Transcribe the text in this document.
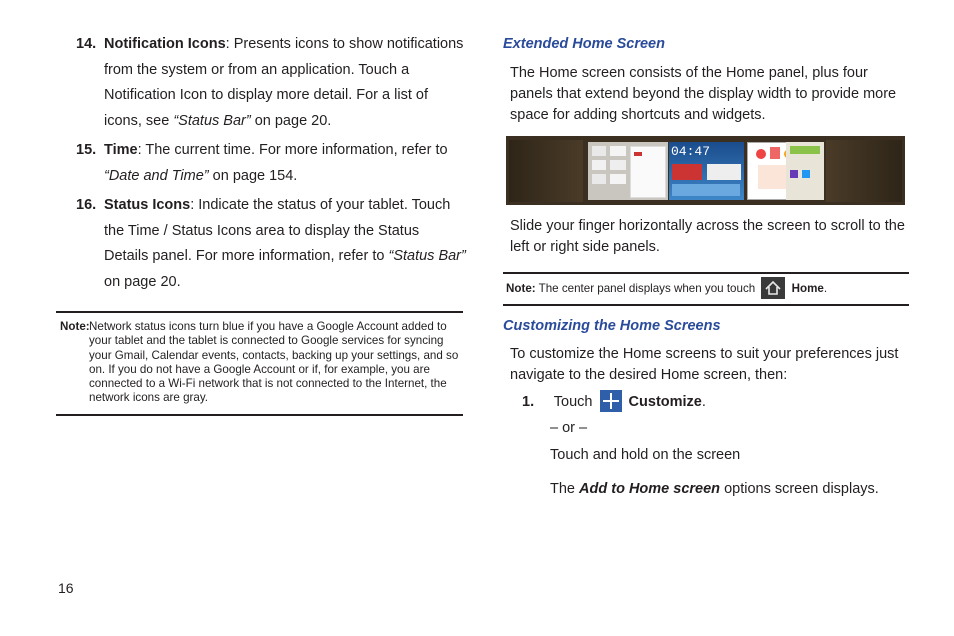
14. Notification Icons: Presents icons to show notifications from the system or from an application. Touch a Notification Icon to display more detail. For a list of icons, see “Status Bar” on page 20.
15. Time: The current time. For more information, refer to “Date and Time” on page 154.
16. Status Icons: Indicate the status of your tablet. Touch the Time / Status Icons area to display the Status Details panel. For more information, refer to “Status Bar” on page 20.
Note: Network status icons turn blue if you have a Google Account added to your tablet and the tablet is connected to Google services for syncing your Gmail, Calendar events, contacts, backing up your settings, and so on. If you do not have a Google Account or if, for example, you are connected to a Wi-Fi network that is not connected to the Internet, the network icons are gray.
Extended Home Screen
The Home screen consists of the Home panel, plus four panels that extend beyond the display width to provide more space for adding shortcuts and widgets.
04:47
Slide your finger horizontally across the screen to scroll to the left or right side panels.
Note: The center panel displays when you touch	Home.
Customizing the Home Screens
To customize the Home screens to suit your preferences just navigate to the desired Home screen, then:
1. Touch Customize.
– or –
Touch and hold on the screen
The Add to Home screen options screen displays.
16
